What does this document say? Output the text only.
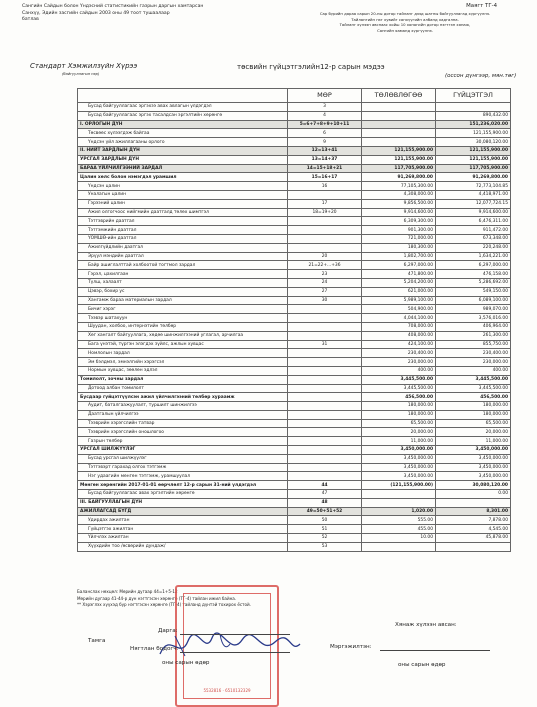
Сангийн Сайдын болон Үндэсний статистикийн газрын даргын хамтарсан
Санхүү, Эдийн засгийн сайдын 2003 оны 49 тоот тушаалаар
батлав
Маягт ТГ-4
Сар бүрийн дараа сарын 20-ны дотор тайланг дээд шатны байгууллагад хүргүүлнэ.
Тайлангийн нэг хувийг санхүүгийн албанд хадгална.
Тайланг хүлээн авснаас хойш 10 хоногийн дотор нэгтгэн хянаж,
Сангийн яаманд хүргүүлнэ.
Стандарт Хэмжилзүйн Хүрээ
(байгууллагын нэр)
төсвийн гүйцэтгэлийн12-р сарын мэдээ
(оссон дүнгээр, мян.төг)
	МӨР	ТӨЛӨВЛӨГӨӨ	ГҮЙЦЭТГЭЛ
Бусад байгууллагаас эргэхээ авах авлагын үлдэгдэл	3		
Бусад байгууллагаас эргэх тасалдсан эргэлтийн хөрөнгө	4		890,432.00
I. ОРЛОГЫН ДҮН	5=6+7+8+9+10+11		151,236,020.00
Төсвөөс хүлээгдэж байгаа	6		121,155,900.00
Үндсэн үйл ажиллагааны орлого	9		30,080,120.00
II. НИЙТ ЗАРДЛЫН ДҮН	12=13+41	121,155,900.00	121,155,900.00
УРСГАЛ ЗАРДЛЫН ДҮН	13=14+37	121,155,900.00	121,155,900.00
БАРАА ҮЙЛЧИЛГЭЭНИЙ ЗАРДАЛ	14=15+18+21	117,705,900.00	117,705,900.00
Цалин хөлс болон нэмэгдэл урамшил	15=16+17	91,269,800.00	91,269,800.00
Үндсэн цалин	16	77,105,300.00	72,773,104.85
Уналагын цалин		4,308,000.00	4,418,971.00
Гэрээний цалин	17	9,856,500.00	12,077,724.15
Ажил олгогчоос нийгмийн даатгалд төлөх шимтгэл	18=19+20	9,914,600.00	9,914,600.00
Тэтгэврийн даатгал		6,309,300.00	6,476,311.00
Тэтгэмжийн даатгал		901,300.00	911,472.00
ҮОМШӨ-ийн даатгал		721,000.00	673,348.00
Ажилгүйдлийн даатгал		180,300.00	220,248.00
Эрүүл мэндийн даатгал	20	1,802,700.00	1,634,221.00
Байр ашиглалттай холбоотой тогтмол зардал	21=22+...+36	6,297,000.00	6,297,000.00
Гэрэл, цахилгаан	23	471,800.00	476,158.00
Түлш, халаалт	24	5,204,200.00	5,286,692.00
Цэвэр, бохир ус	27	621,000.00	549,150.00
Хангамж бараа материалын зардал	30	5,989,100.00	6,089,100.00
Бичиг хэрэг		504,900.00	989,070.00
Тээвэр шатахуун		4,044,100.00	3,576,016.00
Шуудан, холбоо, интернэтийн төлбөр		708,000.00	406,964.00
Хөг хангалт байгууллага, хөдөө шинжилгээний углагал, арчилгаа		408,000.00	261,300.00
Бага үнэтэй, түргэн элэгдэх зүйлс, ажлын хувцас	31	424,100.00	855,750.00
Номлолын зардал		230,400.00	230,400.00
Эм бэлдмэл, эмнэлгийн хэрэгсэл		230,000.00	230,000.00
Нормын хувцас, зөөлөн эдлэл		400.00	400.00
Томилолт, зочны зардал		3,445,500.00	3,445,500.00
Дотоод албан томилолт		3,445,500.00	3,445,500.00
Бусдаар гүйцэтгүүлсэн ажил үйлчилгээний төлбөр хураамж		456,500.00	456,500.00
Аудит, баталгаажуулалт, туршилт шинжилгээ		180,000.00	180,000.00
Даатгалын үйлчилгээ		180,000.00	180,000.00
Тээврийн хэрэгслийн татвар		65,500.00	65,500.00
Тээврийн хэрэгслийн оношлогоо		20,000.00	20,000.00
Газрын төлбөр		11,000.00	11,000.00
УРСГАЛ ШИЛЖҮҮЛЭГ		3,450,000.00	3,450,000.00
Бусад урсгал шилжүүлэг		3,450,000.00	3,450,000.00
Тэтгэвэрт гарахад олгох тэтгэмж		3,450,000.00	3,450,000.00
Нэг удаагийн мөнгөн тэтгэмж, урамшуулал		3,450,000.00	3,450,000.00
Мөнгөн хөрөнгийн 2017-01-01 өөрчлөлт 12-р сарын 31-ний үлдэгдэл	44	(121,155,900.00)	30,080,120.00
Бусад байгууллагаас авах эргэлтийн хөрөнгө	47		0.00
III. БАЙГУУЛЛАГЫН ДҮН	48		
АЖИЛЛАГСАД БҮГД	49=50+51+52	1,020.00	8,301.00
Удирдах ажилтан	50	555.00	7,878.00
Гүйцэтгэх ажилтан	51	455.00	4,545.00
Үйлчлэх ажилтан	52	10.00	45,878.00
Хүүхдийн тоо /өсвөрийн дундаж/	53		
Баланслах нөхцөл: Мөрийн дугаар 44=1+5-12
Мөрийн дугаар 41-44-р дүн нэгтгэсэн хөрөнгө (ТГ-4) тайлан ижил байна.
** Хэрэглэх хүүхэд бүр нэгтгэсэн хөрөнгө (ТГ-4) тайланд дүнтэй тохирох ёстой.
5532816 · 6510132329
Тамга
Дарга:
Нягтлан бодогч:
оны сарын өдөр
Хянаж хүлээн авсан:
Мэргэжилтэн:
оны сарын өдөр
